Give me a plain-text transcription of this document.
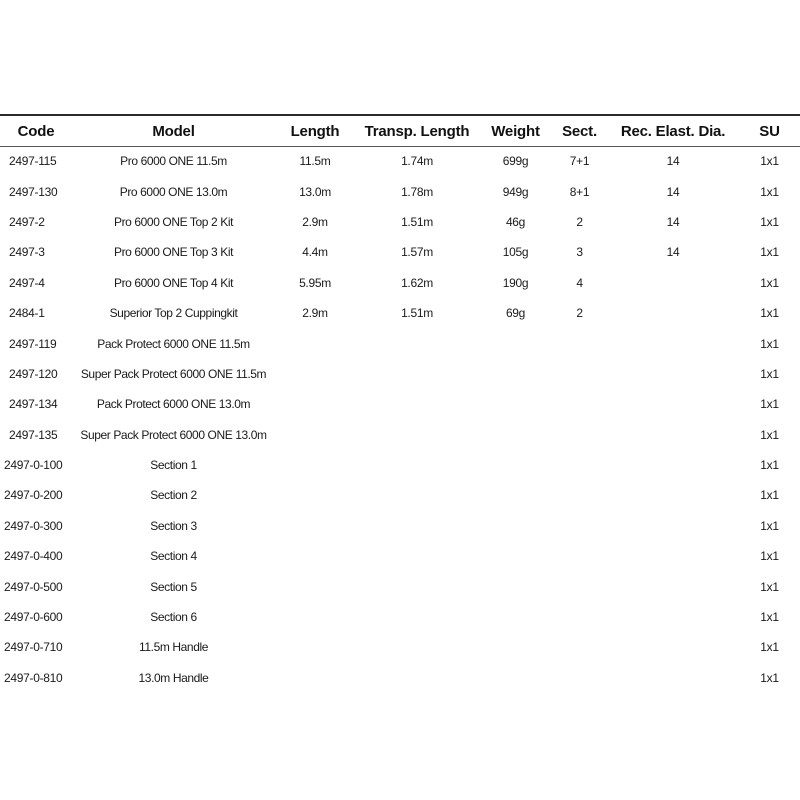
Code	Model	Length	Transp. Length	Weight	Sect.	Rec. Elast. Dia.	SU
2497-115	Pro 6000 ONE 11.5m	11.5m	1.74m	699g	7+1	14	1x1
2497-130	Pro 6000 ONE 13.0m	13.0m	1.78m	949g	8+1	14	1x1
2497-2	Pro 6000 ONE Top 2 Kit	2.9m	1.51m	46g	2	14	1x1
2497-3	Pro 6000 ONE Top 3 Kit	4.4m	1.57m	105g	3	14	1x1
2497-4	Pro 6000 ONE Top 4 Kit	5.95m	1.62m	190g	4		1x1
2484-1	Superior Top 2 Cuppingkit	2.9m	1.51m	69g	2		1x1
2497-119	Pack Protect 6000 ONE 11.5m						1x1
2497-120	Super Pack Protect 6000 ONE 11.5m						1x1
2497-134	Pack Protect 6000 ONE 13.0m						1x1
2497-135	Super Pack Protect 6000 ONE 13.0m						1x1
2497-0-100	Section 1						1x1
2497-0-200	Section 2						1x1
2497-0-300	Section 3						1x1
2497-0-400	Section 4						1x1
2497-0-500	Section 5						1x1
2497-0-600	Section 6						1x1
2497-0-710	11.5m Handle						1x1
2497-0-810	13.0m Handle						1x1
